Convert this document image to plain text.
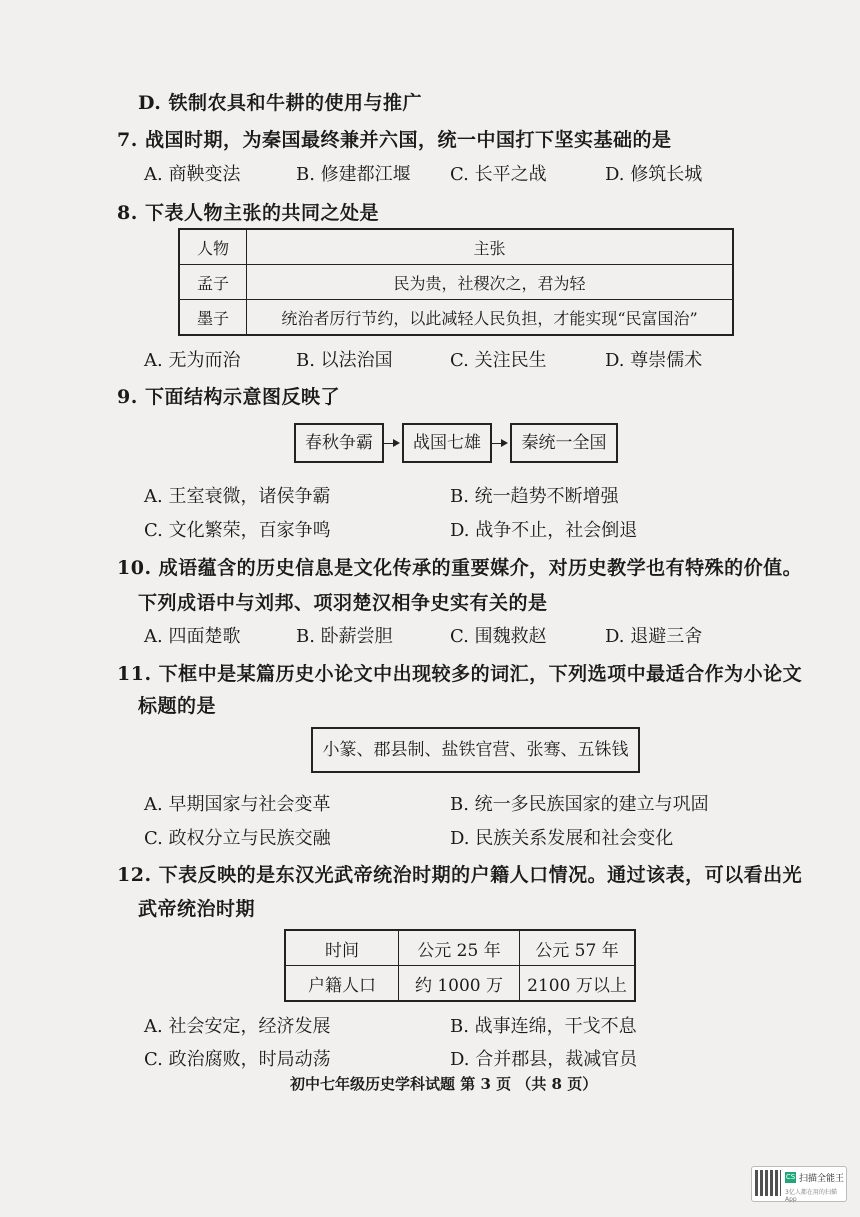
D. 铁制农具和牛耕的使用与推广
7. 战国时期，为秦国最终兼并六国，统一中国打下坚实基础的是
A. 商鞅变法	B. 修建都江堰 C. 长平之战	D. 修筑长城
8. 下表人物主张的共同之处是
人物	主张
孟子	民为贵，社稷次之，君为轻
墨子	统治者厉行节约，以此减轻人民负担，才能实现“民富国治”
A. 无为而治	B. 以法治国	C. 关注民生	D. 尊崇儒术
9. 下面结构示意图反映了
春秋争霸	战国七雄	秦统一全国
A. 王室衰微，诸侯争霸	B. 统一趋势不断增强
C. 文化繁荣，百家争鸣	D. 战争不止，社会倒退
10. 成语蕴含的历史信息是文化传承的重要媒介，对历史教学也有特殊的价值。
下列成语中与刘邦、项羽楚汉相争史实有关的是
A. 四面楚歌	B. 卧薪尝胆	C. 围魏救赵	D. 退避三舍
11. 下框中是某篇历史小论文中出现较多的词汇，下列选项中最适合作为小论文
标题的是
小篆、郡县制、盐铁官营、张骞、五铢钱
A. 早期国家与社会变革	B. 统一多民族国家的建立与巩固
C. 政权分立与民族交融	D. 民族关系发展和社会变化
12. 下表反映的是东汉光武帝统治时期的户籍人口情况。通过该表，可以看出光
武帝统治时期
时间	公元 25 年	公元 57 年
户籍人口	约 1000 万	2100 万以上
A. 社会安定，经济发展	B. 战事连绵，干戈不息
C. 政治腐败，时局动荡	D. 合并郡县，裁减官员
初中七年级历史学科试题 第 3 页 （共 8 页）
CS 扫描全能王
3亿人都在用的扫描App
